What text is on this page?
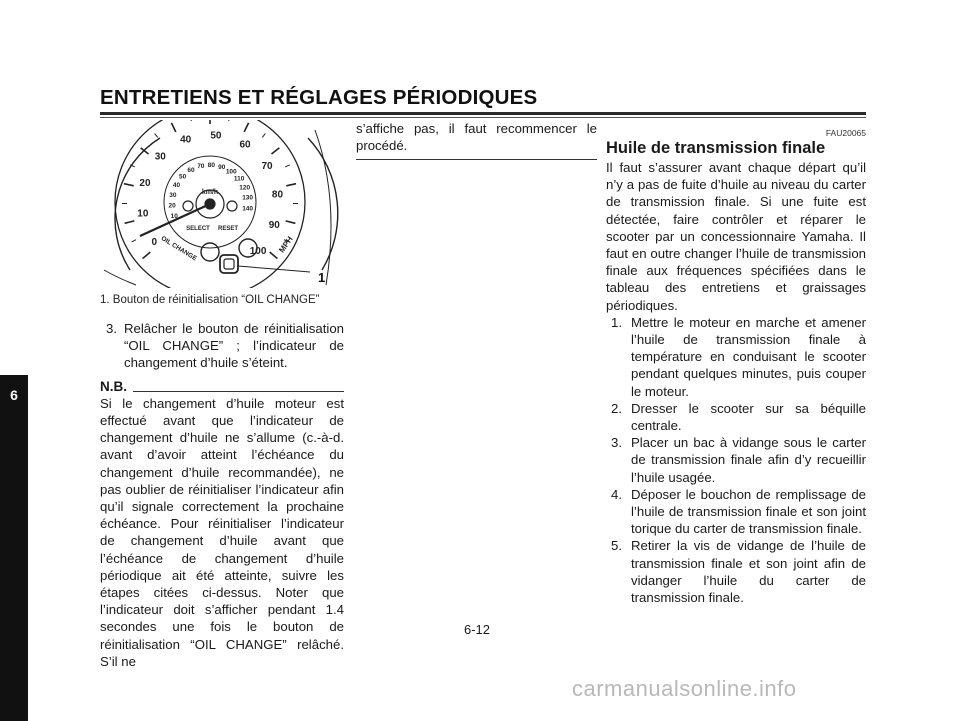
ENTRETIENS ET RÉGLAGES PÉRIODIQUES
6
0
10
20
30
40 50
60
70
80
90
100
10
20
30
40
50
60
70 80 90
100
110
120
130
140
km/h
MPH
SELECT RESET
OIL CHANGE
1
1. Bouton de réinitialisation “OIL CHANGE”
3. Relâcher le bouton de réinitialisation “OIL CHANGE” ; l’indicateur de changement d’huile s’éteint.
N.B.

Si le changement d’huile moteur est effectué avant que l’indicateur de changement d’huile ne s’allume (c.-à-d. avant d’avoir atteint l’échéance du changement d’huile recommandée), ne pas oublier de réinitialiser l’indicateur afin qu’il signale correctement la prochaine échéance. Pour réinitialiser l’indicateur de changement d’huile avant que l’échéance de changement d’huile périodique ait été atteinte, suivre les étapes citées ci-dessus. Noter que l’indicateur doit s’afficher pendant 1.4 secondes une fois le bouton de réinitialisation “OIL CHANGE” relâché. S’il ne

s’affiche pas, il faut recommencer le procédé.

FAU20065
Huile de transmission finale

Il faut s’assurer avant chaque départ qu’il n’y a pas de fuite d’huile au niveau du carter de transmission finale. Si une fuite est détectée, faire contrôler et réparer le scooter par un concessionnaire Yamaha. Il faut en outre changer l’huile de transmission finale aux fréquences spécifiées dans le tableau des entretiens et graissages périodiques.

1. Mettre le moteur en marche et amener l’huile de transmission finale à température en conduisant le scooter pendant quelques minutes, puis couper le moteur.
2. Dresser le scooter sur sa béquille centrale.
3. Placer un bac à vidange sous le carter de transmission finale afin d’y recueillir l’huile usagée.
4. Déposer le bouchon de remplissage de l’huile de transmission finale et son joint torique du carter de transmission finale.
5. Retirer la vis de vidange de l’huile de transmission finale et son joint afin de vidanger l’huile du carter de transmission finale.
6-12
carmanualsonline.info
